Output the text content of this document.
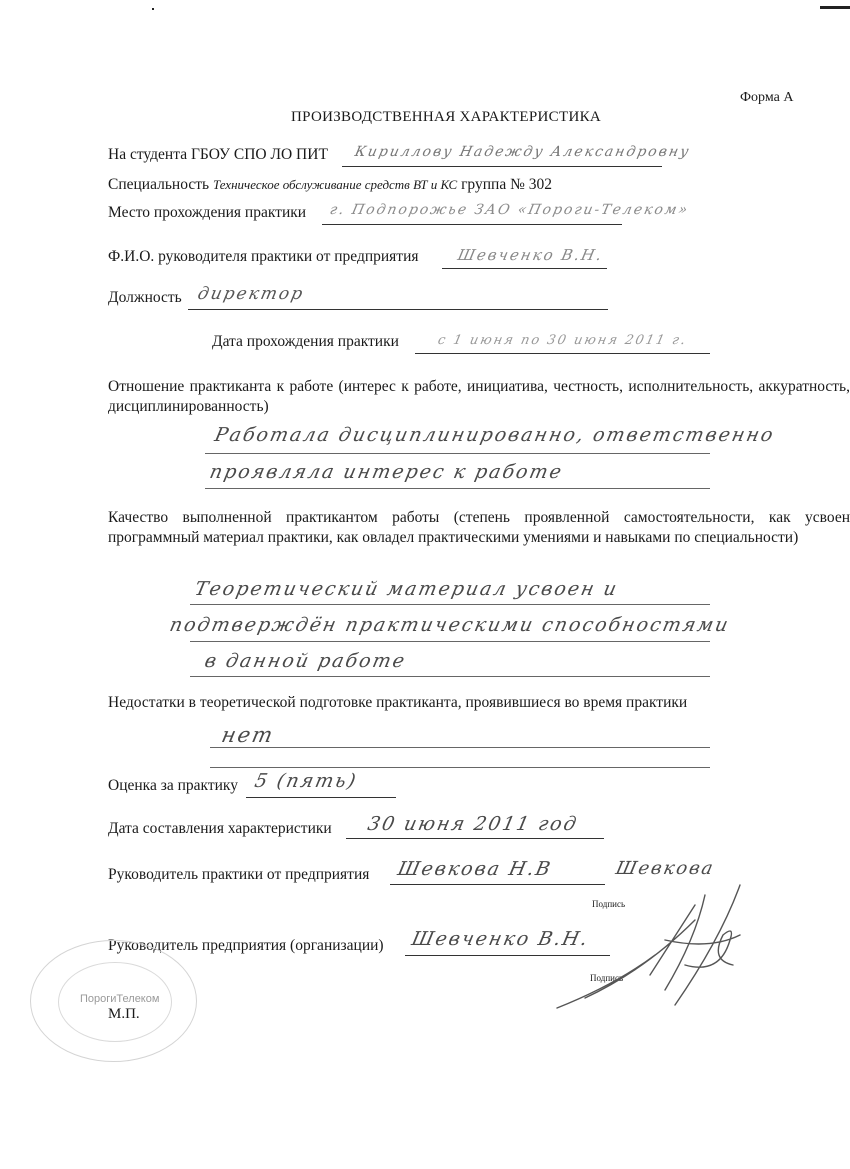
Форма А
ПРОИЗВОДСТВЕННАЯ ХАРАКТЕРИСТИКА
На студента ГБОУ СПО ЛО ПИТ Кириллову Надежду Александровну
Специальность Техническое обслуживание средств ВТ и КС группа № 302
Место прохождения практики г. Подпорожье ЗАО «Пороги-Телеком»
Ф.И.О. руководителя практики от предприятия	Шевченко В.Н.
Должность директор
Дата прохождения практики	с 1 июня по 30 июня 2011 г.
Отношение практиканта к работе (интерес к работе, инициатива, честность, исполнительность, аккуратность, дисциплинированность)
Работала дисциплинированно, ответственно
проявляла интерес к работе
Качество выполненной практикантом работы (степень проявленной самостоятельности, как усвоен программный материал практики, как овладел практическими умениями и навыками по специальности)
Теоретический материал усвоен и
подтверждён практическими способностями
в данной работе
Недостатки в теоретической подготовке практиканта, проявившиеся во время практики
нет
Оценка за практику 5 (пять)
Дата составления характеристики 30 июня 2011 год
Руководитель практики от предприятия Шевкова Н.В	Шевкова
Подпись
Руководитель предприятия (организации) Шевченко В.Н.
Подпись
ПорогиТелеком
М.П.
